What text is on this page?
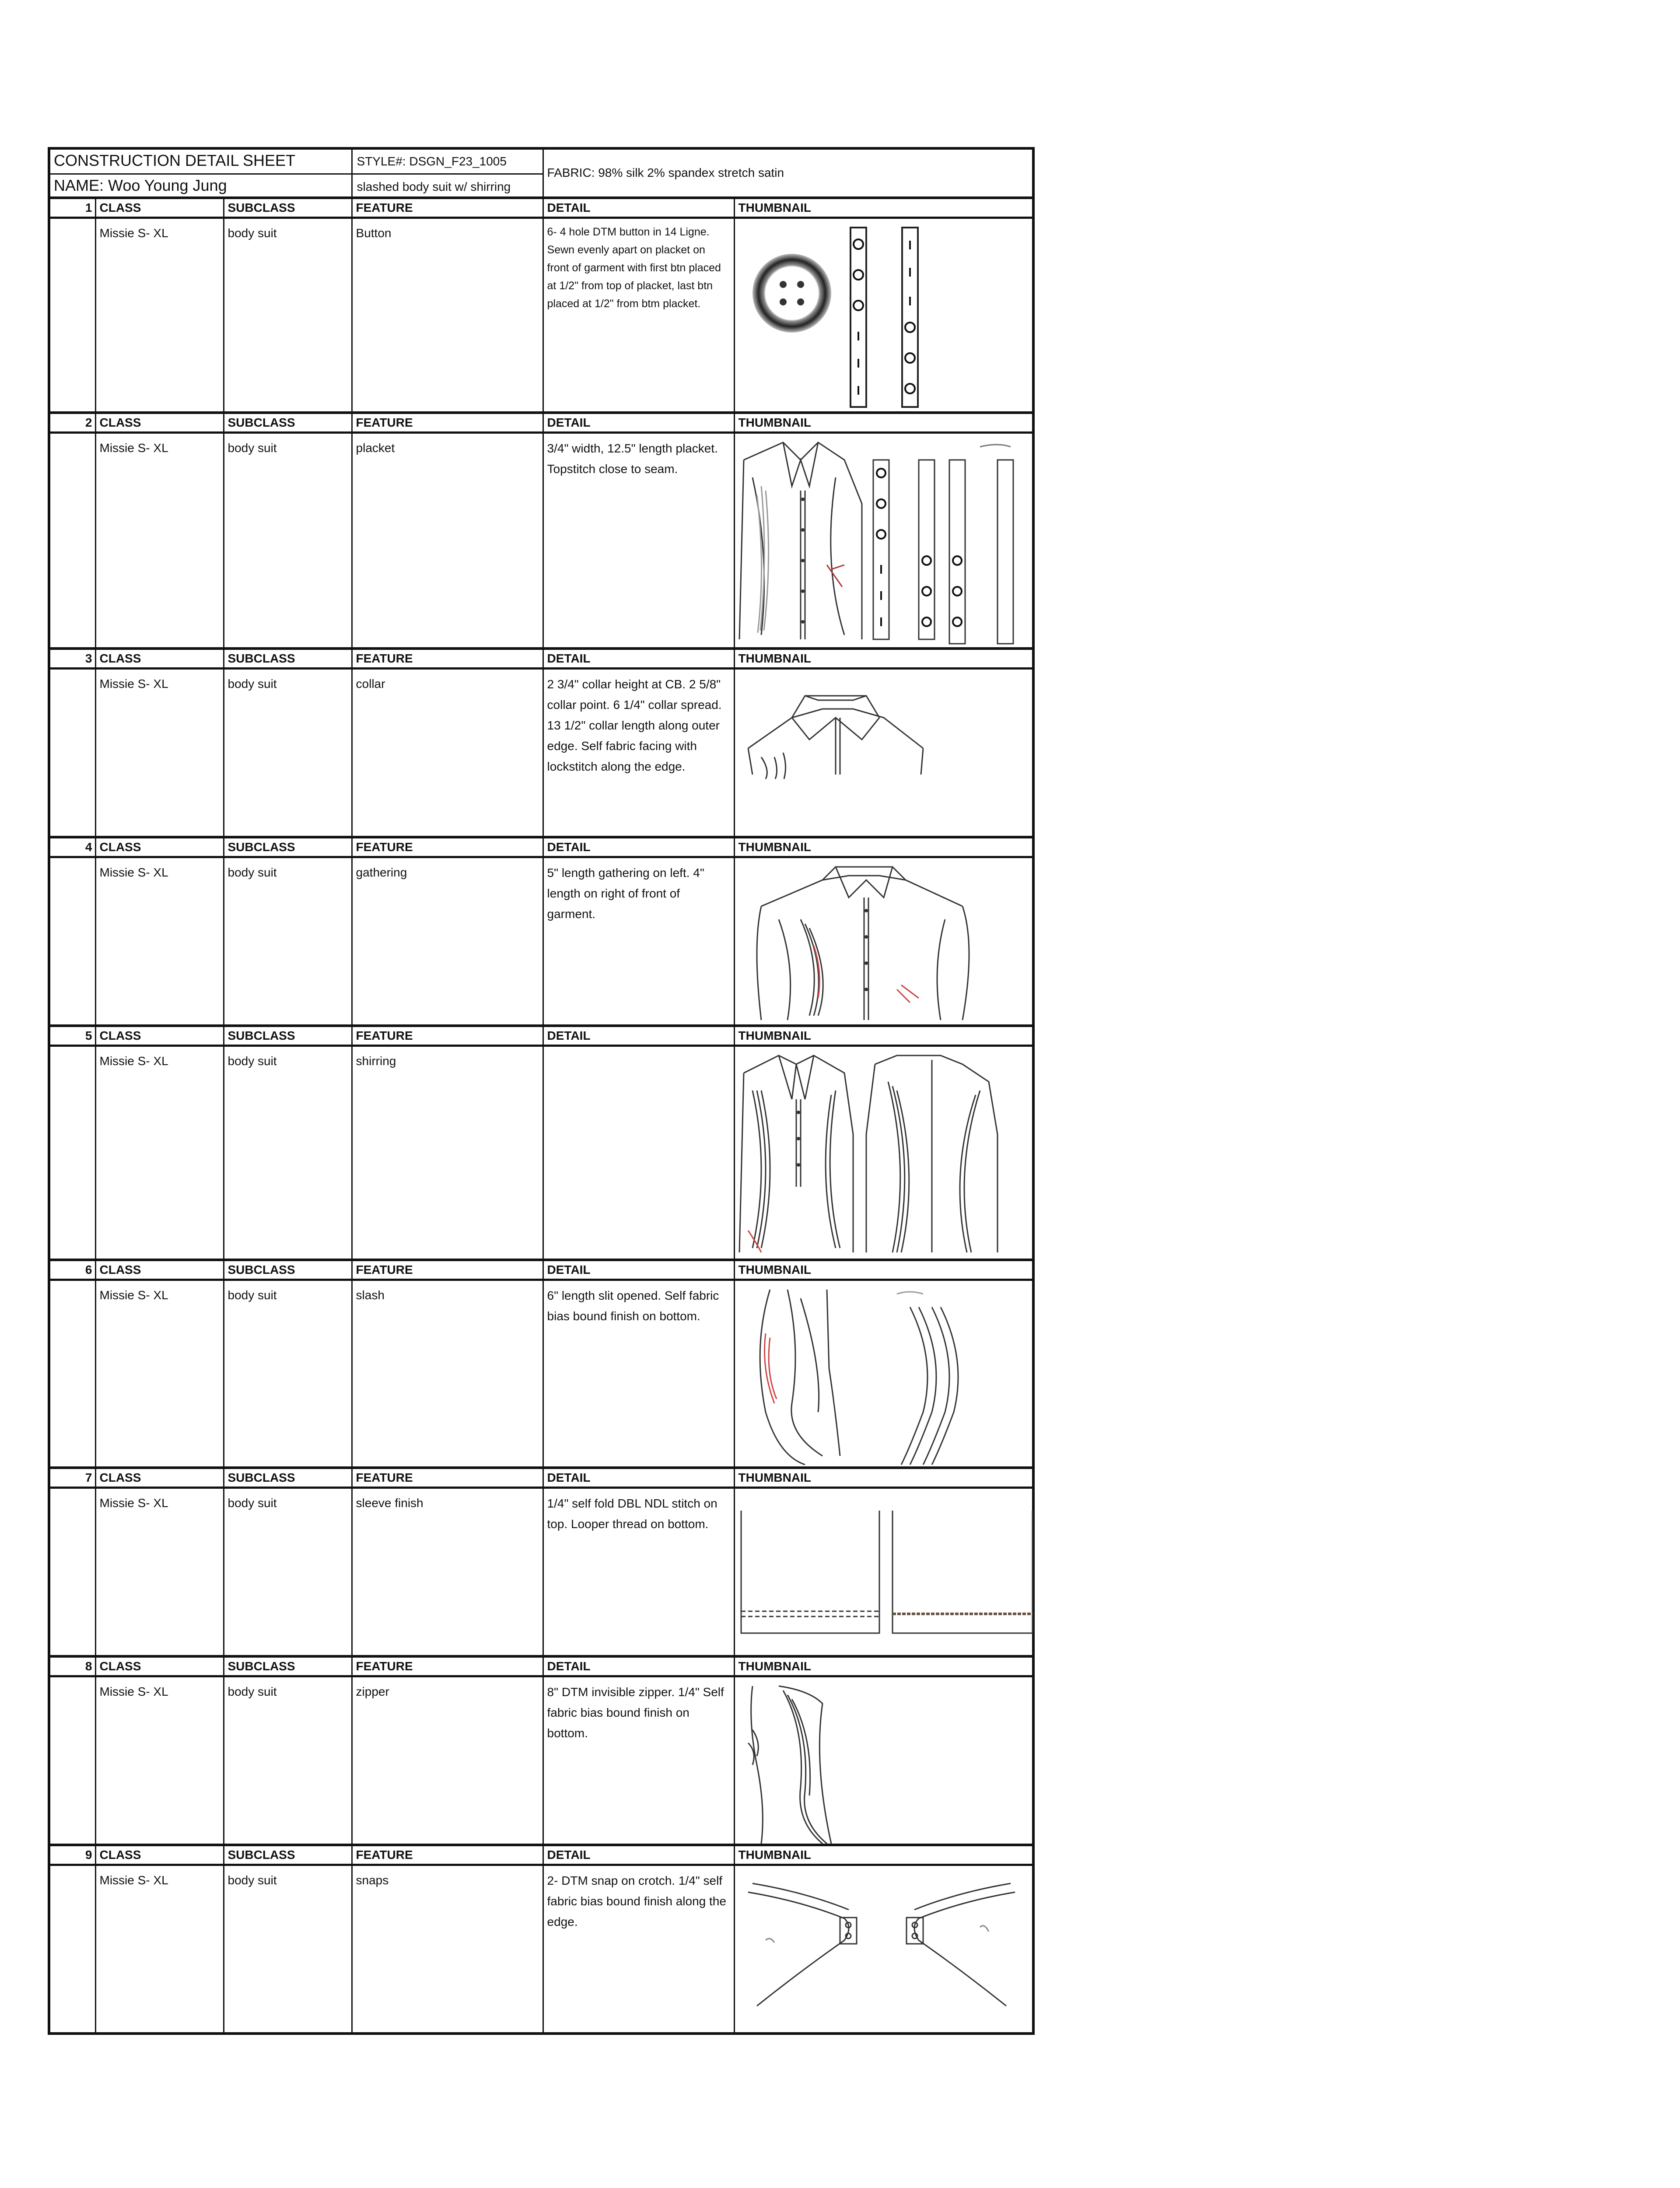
CONSTRUCTION DETAIL SHEET			STYLE#: DSGN_F23_1005	FABRIC: 98% silk 2% spandex stretch satin	
NAME: Woo Young Jung			slashed body suit w/ shirring		
1	CLASS	SUBCLASS	FEATURE	DETAIL	THUMBNAIL
	Missie S- XL	body suit	Button	6- 4 hole DTM button in 14 Ligne. Sewn evenly apart on placket on front of garment with first btn placed at 1/2" from top of placket, last btn placed at 1/2" from btm placket.	

2	CLASS	SUBCLASS	FEATURE	DETAIL	THUMBNAIL
	Missie S- XL	body suit	placket	3/4" width, 12.5" length placket. Topstitch close to seam.	

3	CLASS	SUBCLASS	FEATURE	DETAIL	THUMBNAIL
	Missie S- XL	body suit	collar	2 3/4" collar height at CB. 2 5/8" collar point. 6 1/4" collar spread. 13 1/2" collar length along outer edge. Self fabric facing with lockstitch along the edge.	

4	CLASS	SUBCLASS	FEATURE	DETAIL	THUMBNAIL
	Missie S- XL	body suit	gathering	5" length gathering on left. 4" length on right of front of garment.	

5	CLASS	SUBCLASS	FEATURE	DETAIL	THUMBNAIL
	Missie S- XL	body suit	shirring		

6	CLASS	SUBCLASS	FEATURE	DETAIL	THUMBNAIL
	Missie S- XL	body suit	slash	6" length slit opened. Self fabric bias bound finish on bottom.	

7	CLASS	SUBCLASS	FEATURE	DETAIL	THUMBNAIL
	Missie S- XL	body suit	sleeve finish	1/4" self fold DBL NDL stitch on top. Looper thread on bottom.	

8	CLASS	SUBCLASS	FEATURE	DETAIL	THUMBNAIL
	Missie S- XL	body suit	zipper	8" DTM invisible zipper. 1/4" Self fabric bias bound finish on bottom.	

9	CLASS	SUBCLASS	FEATURE	DETAIL	THUMBNAIL
	Missie S- XL	body suit	snaps	2- DTM snap on crotch. 1/4" self fabric bias bound finish along the edge.	
